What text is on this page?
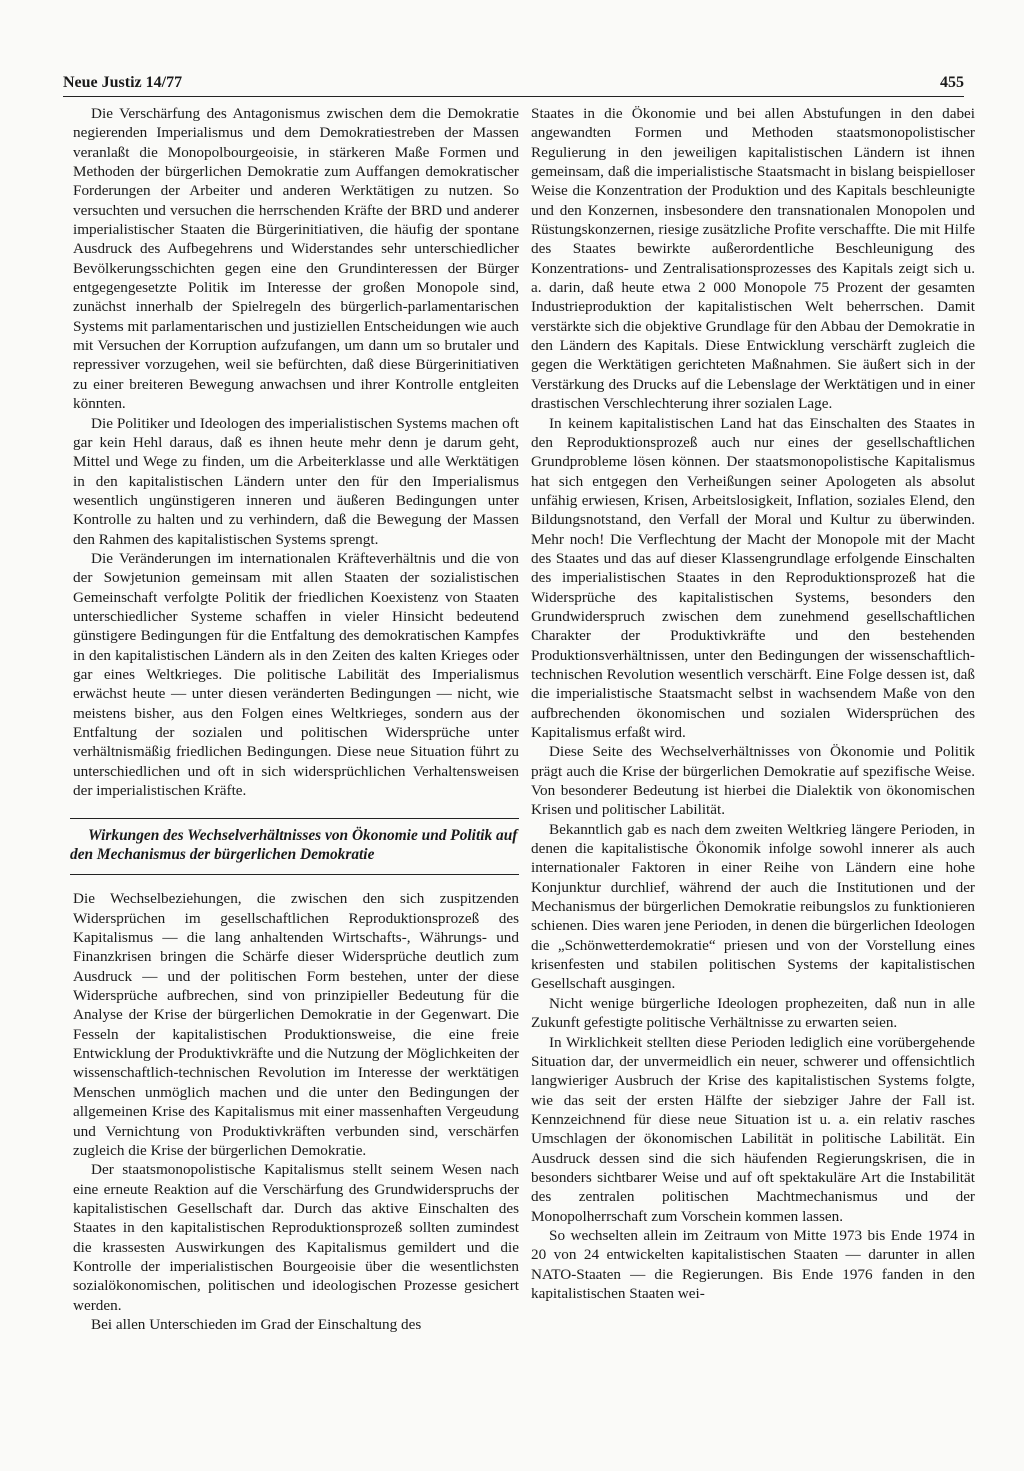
Neue Justiz 14/77	455

Die Verschärfung des Antagonismus zwischen dem die Demokratie negierenden Imperialismus und dem Demokratiestreben der Massen veranlaßt die Monopolbourgeoisie, in stärkeren Maße Formen und Methoden der bürgerlichen Demokratie zum Auffangen demokratischer Forderungen der Arbeiter und anderen Werktätigen zu nutzen. So versuchten und versuchen die herrschenden Kräfte der BRD und anderer imperialistischer Staaten die Bürgerinitiativen, die häufig der spontane Ausdruck des Aufbegehrens und Widerstandes sehr unterschiedlicher Bevölkerungsschichten gegen eine den Grundinteressen der Bürger entgegengesetzte Politik im Interesse der großen Monopole sind, zunächst innerhalb der Spielregeln des bürgerlich-parlamentarischen Systems mit parlamentarischen und justiziellen Entscheidungen wie auch mit Versuchen der Korruption aufzufangen, um dann um so brutaler und repressiver vorzugehen, weil sie befürchten, daß diese Bürgerinitiativen zu einer breiteren Bewegung anwachsen und ihrer Kontrolle entgleiten könnten.

Die Politiker und Ideologen des imperialistischen Systems machen oft gar kein Hehl daraus, daß es ihnen heute mehr denn je darum geht, Mittel und Wege zu finden, um die Arbeiterklasse und alle Werktätigen in den kapitalistischen Ländern unter den für den Imperialismus wesentlich ungünstigeren inneren und äußeren Bedingungen unter Kontrolle zu halten und zu verhindern, daß die Bewegung der Massen den Rahmen des kapitalistischen Systems sprengt.

Die Veränderungen im internationalen Kräfteverhältnis und die von der Sowjetunion gemeinsam mit allen Staaten der sozialistischen Gemeinschaft verfolgte Politik der friedlichen Koexistenz von Staaten unterschiedlicher Systeme schaffen in vieler Hinsicht bedeutend günstigere Bedingungen für die Entfaltung des demokratischen Kampfes in den kapitalistischen Ländern als in den Zeiten des kalten Krieges oder gar eines Weltkrieges. Die politische Labilität des Imperialismus erwächst heute — unter diesen veränderten Bedingungen — nicht, wie meistens bisher, aus den Folgen eines Weltkrieges, sondern aus der Entfaltung der sozialen und politischen Widersprüche unter verhältnismäßig friedlichen Bedingungen. Diese neue Situation führt zu unterschiedlichen und oft in sich widersprüchlichen Verhaltensweisen der imperialistischen Kräfte.

Wirkungen des Wechselverhältnisses von Ökonomie und Politik auf den Mechanismus der bürgerlichen Demokratie

Die Wechselbeziehungen, die zwischen den sich zuspitzenden Widersprüchen im gesellschaftlichen Reproduktionsprozeß des Kapitalismus — die lang anhaltenden Wirtschafts-, Währungs- und Finanzkrisen bringen die Schärfe dieser Widersprüche deutlich zum Ausdruck — und der politischen Form bestehen, unter der diese Widersprüche aufbrechen, sind von prinzipieller Bedeutung für die Analyse der Krise der bürgerlichen Demokratie in der Gegenwart. Die Fesseln der kapitalistischen Produktionsweise, die eine freie Entwicklung der Produktivkräfte und die Nutzung der Möglichkeiten der wissenschaftlich-technischen Revolution im Interesse der werktätigen Menschen unmöglich machen und die unter den Bedingungen der allgemeinen Krise des Kapitalismus mit einer massenhaften Vergeudung und Vernichtung von Produktivkräften verbunden sind, verschärfen zugleich die Krise der bürgerlichen Demokratie.

Der staatsmonopolistische Kapitalismus stellt seinem Wesen nach eine erneute Reaktion auf die Verschärfung des Grundwiderspruchs der kapitalistischen Gesellschaft dar. Durch das aktive Einschalten des Staates in den kapitalistischen Reproduktionsprozeß sollten zumindest die krassesten Auswirkungen des Kapitalismus gemildert und die Kontrolle der imperialistischen Bourgeoisie über die wesentlichsten sozialökonomischen, politischen und ideologischen Prozesse gesichert werden.

Bei allen Unterschieden im Grad der Einschaltung des

Staates in die Ökonomie und bei allen Abstufungen in den dabei angewandten Formen und Methoden staatsmonopolistischer Regulierung in den jeweiligen kapitalistischen Ländern ist ihnen gemeinsam, daß die imperialistische Staatsmacht in bislang beispielloser Weise die Konzentration der Produktion und des Kapitals beschleunigte und den Konzernen, insbesondere den transnationalen Monopolen und Rüstungskonzernen, riesige zusätzliche Profite verschaffte. Die mit Hilfe des Staates bewirkte außerordentliche Beschleunigung des Konzentrations- und Zentralisationsprozesses des Kapitals zeigt sich u. a. darin, daß heute etwa 2 000 Monopole 75 Prozent der gesamten Industrieproduktion der kapitalistischen Welt beherrschen. Damit verstärkte sich die objektive Grundlage für den Abbau der Demokratie in den Ländern des Kapitals. Diese Entwicklung verschärft zugleich die gegen die Werktätigen gerichteten Maßnahmen. Sie äußert sich in der Verstärkung des Drucks auf die Lebenslage der Werktätigen und in einer drastischen Verschlechterung ihrer sozialen Lage.

In keinem kapitalistischen Land hat das Einschalten des Staates in den Reproduktionsprozeß auch nur eines der gesellschaftlichen Grundprobleme lösen können. Der staatsmonopolistische Kapitalismus hat sich entgegen den Verheißungen seiner Apologeten als absolut unfähig erwiesen, Krisen, Arbeitslosigkeit, Inflation, soziales Elend, den Bildungsnotstand, den Verfall der Moral und Kultur zu überwinden. Mehr noch! Die Verflechtung der Macht der Monopole mit der Macht des Staates und das auf dieser Klassengrundlage erfolgende Einschalten des imperialistischen Staates in den Reproduktionsprozeß hat die Widersprüche des kapitalistischen Systems, besonders den Grundwiderspruch zwischen dem zunehmend gesellschaftlichen Charakter der Produktivkräfte und den bestehenden Produktionsverhältnissen, unter den Bedingungen der wissenschaftlich-technischen Revolution wesentlich verschärft. Eine Folge dessen ist, daß die imperialistische Staatsmacht selbst in wachsendem Maße von den aufbrechenden ökonomischen und sozialen Widersprüchen des Kapitalismus erfaßt wird.

Diese Seite des Wechselverhältnisses von Ökonomie und Politik prägt auch die Krise der bürgerlichen Demokratie auf spezifische Weise. Von besonderer Bedeutung ist hierbei die Dialektik von ökonomischen Krisen und politischer Labilität.

Bekanntlich gab es nach dem zweiten Weltkrieg längere Perioden, in denen die kapitalistische Ökonomik infolge sowohl innerer als auch internationaler Faktoren in einer Reihe von Ländern eine hohe Konjunktur durchlief, während der auch die Institutionen und der Mechanismus der bürgerlichen Demokratie reibungslos zu funktionieren schienen. Dies waren jene Perioden, in denen die bürgerlichen Ideologen die „Schönwetterdemokratie“ priesen und von der Vorstellung eines krisenfesten und stabilen politischen Systems der kapitalistischen Gesellschaft ausgingen.

Nicht wenige bürgerliche Ideologen prophezeiten, daß nun in alle Zukunft gefestigte politische Verhältnisse zu erwarten seien.

In Wirklichkeit stellten diese Perioden lediglich eine vorübergehende Situation dar, der unvermeidlich ein neuer, schwerer und offensichtlich langwieriger Ausbruch der Krise des kapitalistischen Systems folgte, wie das seit der ersten Hälfte der siebziger Jahre der Fall ist. Kennzeichnend für diese neue Situation ist u. a. ein relativ rasches Umschlagen der ökonomischen Labilität in politische Labilität. Ein Ausdruck dessen sind die sich häufenden Regierungskrisen, die in besonders sichtbarer Weise und auf oft spektakuläre Art die Instabilität des zentralen politischen Machtmechanismus und der Monopolherrschaft zum Vorschein kommen lassen.

So wechselten allein im Zeitraum von Mitte 1973 bis Ende 1974 in 20 von 24 entwickelten kapitalistischen Staaten — darunter in allen NATO-Staaten — die Regierungen. Bis Ende 1976 fanden in den kapitalistischen Staaten wei-
